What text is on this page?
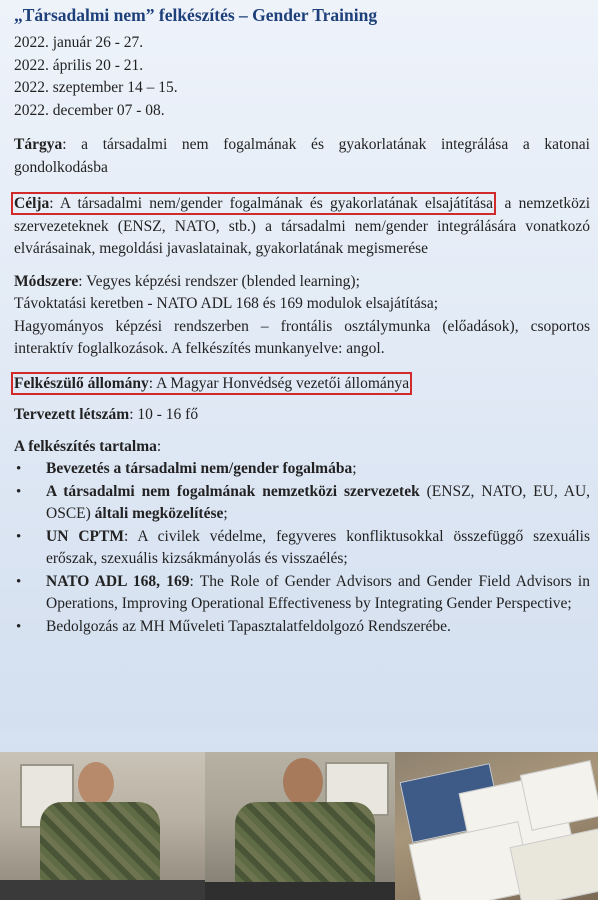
„Társadalmi nem” felkészítés – Gender Training
2022. január 26 - 27.
2022. április 20 - 21.
2022. szeptember 14 – 15.
2022. december 07 - 08.
Tárgya: a társadalmi nem fogalmának és gyakorlatának integrálása a katonai gondolkodásba
Célja: A társadalmi nem/gender fogalmának és gyakorlatának elsajátítása; a nemzetközi szervezeteknek (ENSZ, NATO, stb.) a társadalmi nem/gender integrálására vonatkozó elvárásainak, megoldási javaslatainak, gyakorlatának megismerése
Módszere: Vegyes képzési rendszer (blended learning);
Távoktatási keretben - NATO ADL 168 és 169 modulok elsajátítása;
Hagyományos képzési rendszerben – frontális osztálymunka (előadások), csoportos interaktív foglalkozások. A felkészítés munkanyelve: angol.
Felkészülő állomány: A Magyar Honvédség vezetői állománya
Tervezett létszám: 10 - 16 fő
A felkészítés tartalma:
• Bevezetés a társadalmi nem/gender fogalmába;
• A társadalmi nem fogalmának nemzetközi szervezetek (ENSZ, NATO, EU, AU, OSCE) általi megközelítése;
• UN CPTM: A civilek védelme, fegyveres konfliktusokkal összefüggő szexuális erőszak, szexuális kizsákmányolás és visszaélés;
• NATO ADL 168, 169: The Role of Gender Advisors and Gender Field Advisors in Operations, Improving Operational Effectiveness by Integrating Gender Perspective;
• Bedolgozás az MH Műveleti Tapasztalatfeldolgozó Rendszerébe.
